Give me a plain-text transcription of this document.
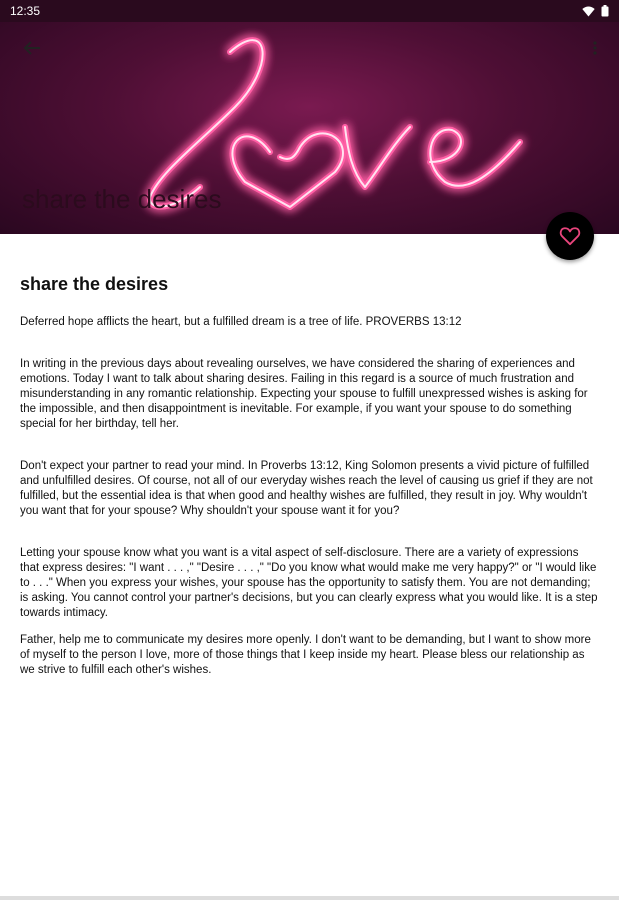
12:35
share the desires
share the desires

Deferred hope afflicts the heart, but a fulfilled dream is a tree of life. PROVERBS 13:12

In writing in the previous days about revealing ourselves, we have considered the sharing of experiences and emotions. Today I want to talk about sharing desires. Failing in this regard is a source of much frustration and misunderstanding in any romantic relationship. Expecting your spouse to fulfill unexpressed wishes is asking for the impossible, and then disappointment is inevitable. For example, if you want your spouse to do something special for her birthday, tell her.

Don't expect your partner to read your mind. In Proverbs 13:12, King Solomon presents a vivid picture of fulfilled and unfulfilled desires. Of course, not all of our everyday wishes reach the level of causing us grief if they are not fulfilled, but the essential idea is that when good and healthy wishes are fulfilled, they result in joy. Why wouldn't you want that for your spouse? Why shouldn't your spouse want it for you?

Letting your spouse know what you want is a vital aspect of self-disclosure. There are a variety of expressions that express desires: "I want . . . ," "Desire . . . ," "Do you know what would make me very happy?" or "I would like to . . ." When you express your wishes, your spouse has the opportunity to satisfy them. You are not demanding; is asking. You cannot control your partner's decisions, but you can clearly express what you would like. It is a step towards intimacy.

Father, help me to communicate my desires more openly. I don't want to be demanding, but I want to show more of myself to the person I love, more of those things that I keep inside my heart. Please bless our relationship as we strive to fulfill each other's wishes.
